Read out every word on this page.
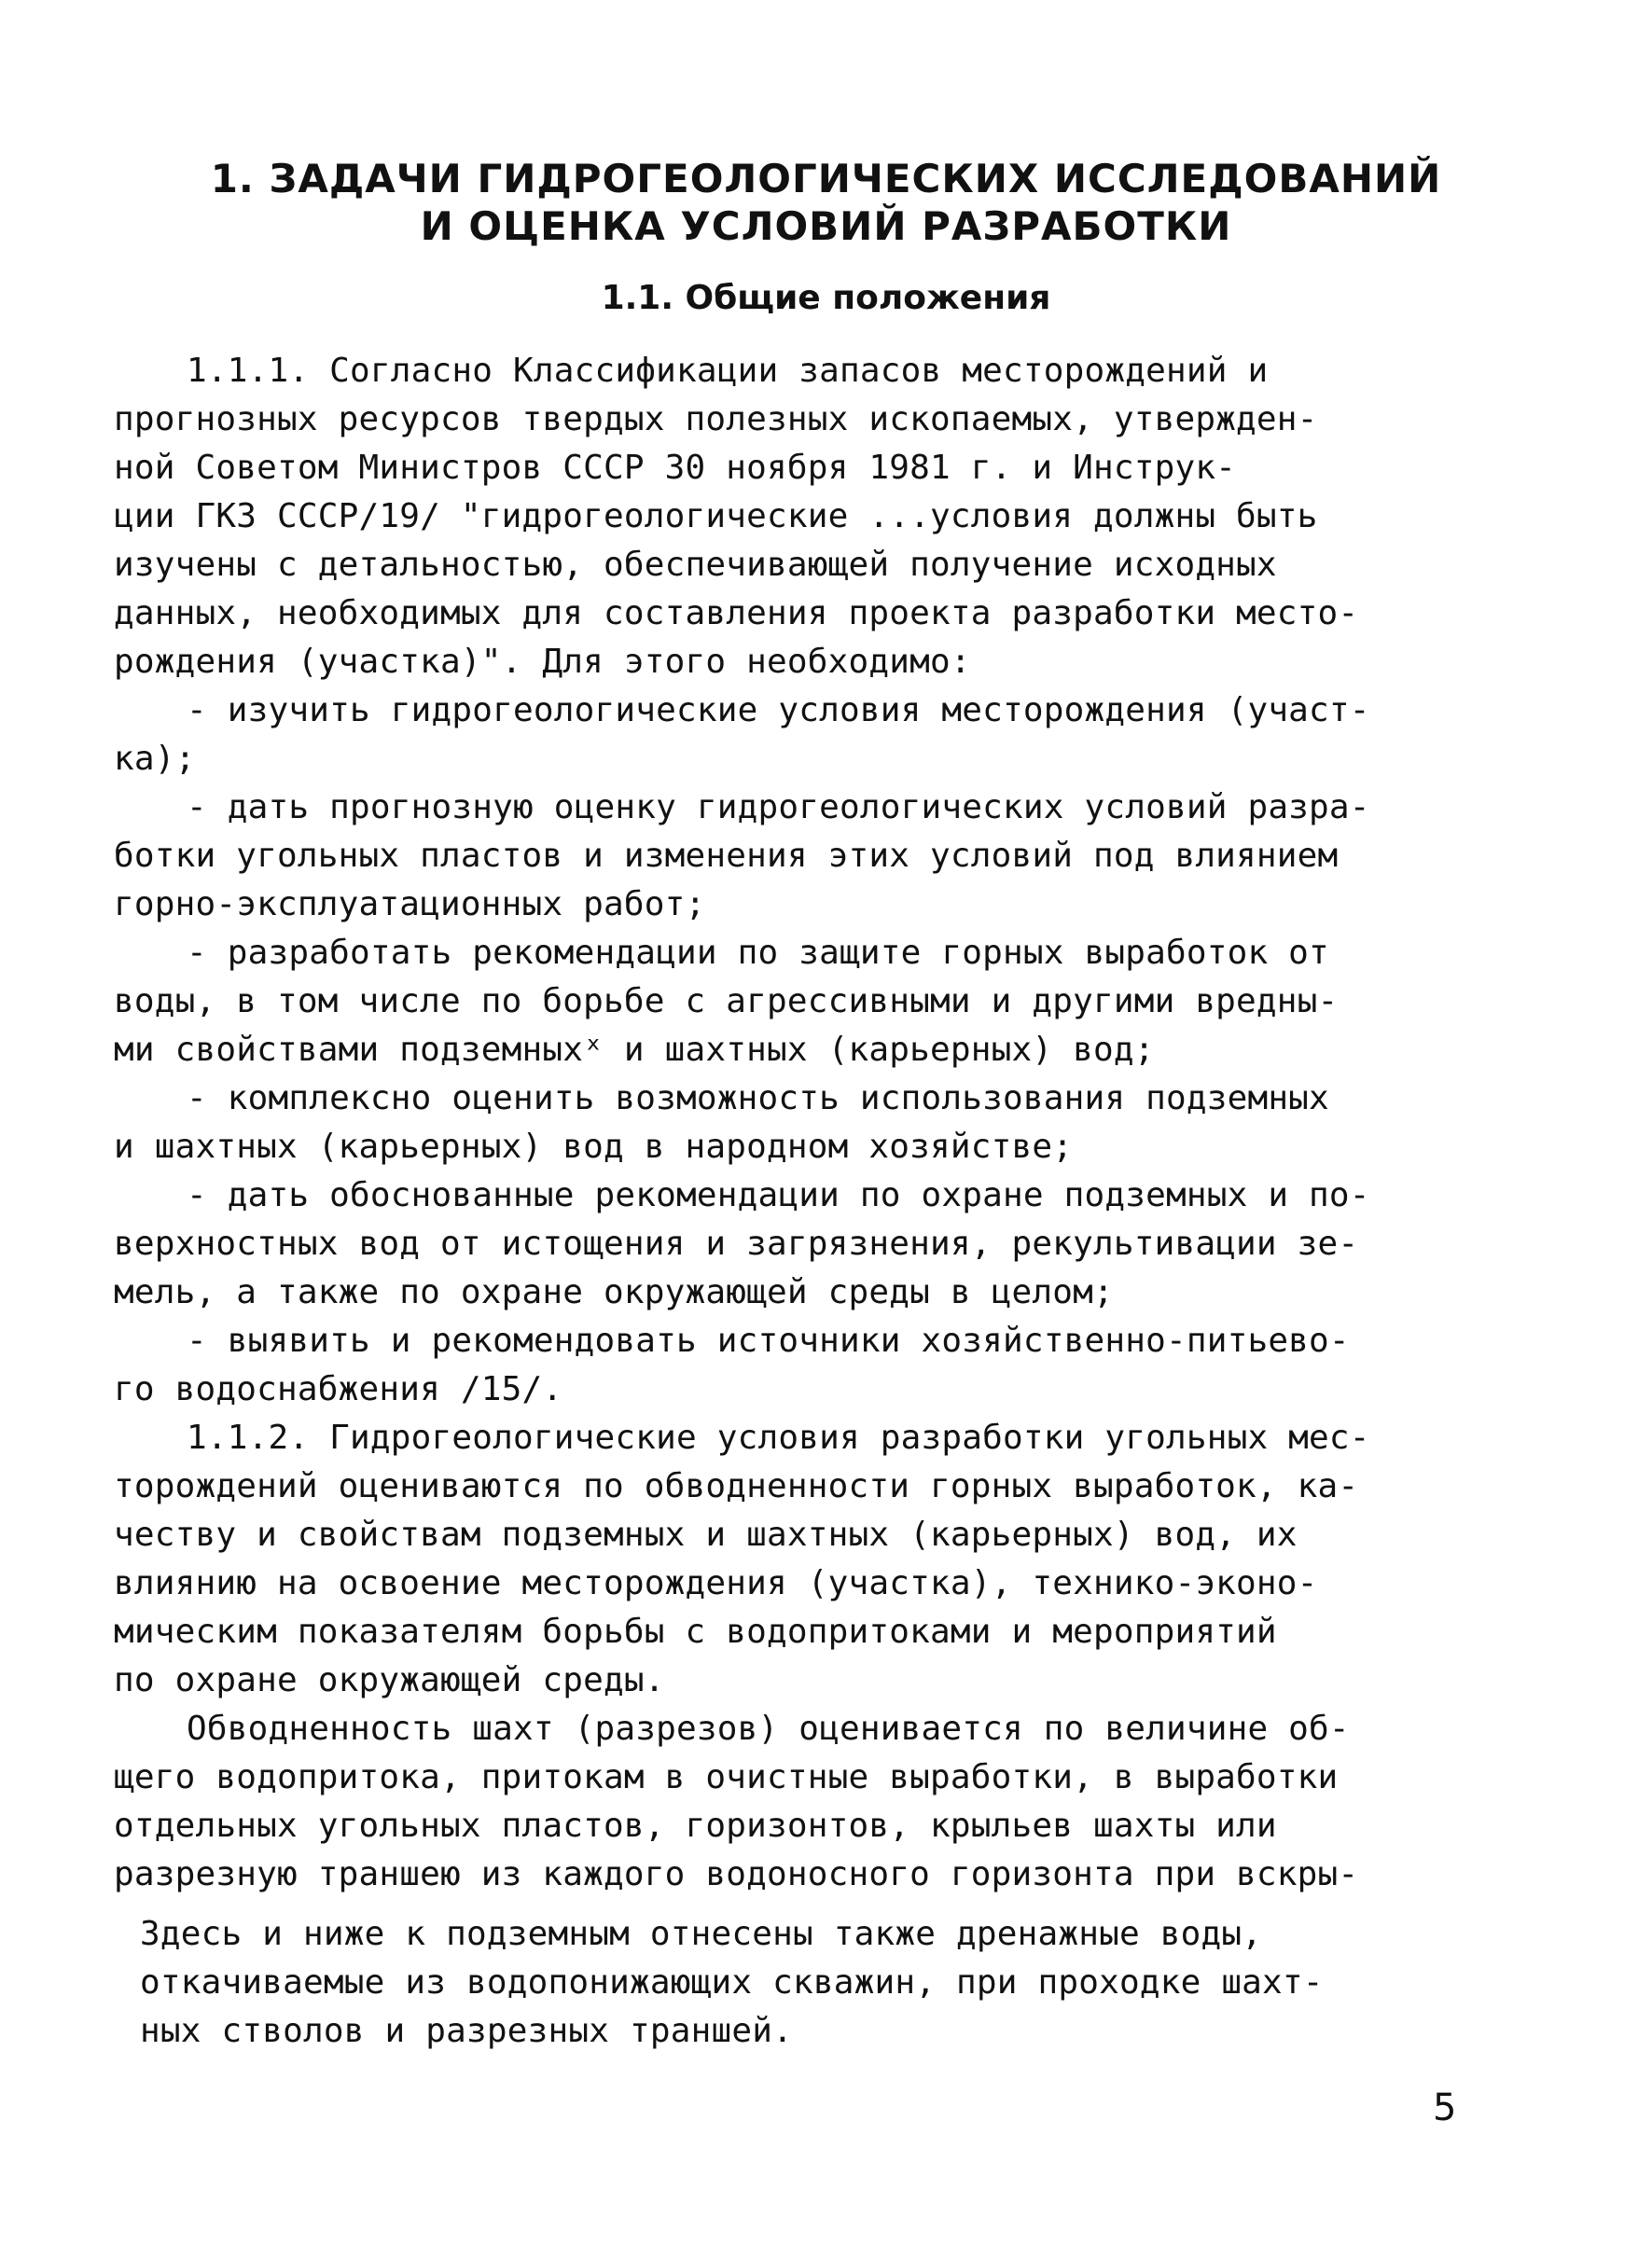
1. ЗАДАЧИ ГИДРОГЕОЛОГИЧЕСКИХ ИССЛЕДОВАНИЙ
И ОЦЕНКА УСЛОВИЙ РАЗРАБОТКИ
1.1. Общие положения
1.1.1. Согласно Классификации запасов месторождений и
прогнозных ресурсов твердых полезных ископаемых, утвержден-
ной Советом Министров СССР 30 ноября 1981 г. и Инструк-
ции ГКЗ СССР/19/ "гидрогеологические ...условия должны быть
изучены с детальностью, обеспечивающей получение исходных
данных, необходимых для составления проекта разработки место-
рождения (участка)". Для этого необходимо:
- изучить гидрогеологические условия месторождения (участ-
ка);
- дать прогнозную оценку гидрогеологических условий разра-
ботки угольных пластов и изменения этих условий под влиянием
горно-эксплуатационных работ;
- разработать рекомендации по защите горных выработок от
воды, в том числе по борьбе с агрессивными и другими вредны-
ми свойствами подземныхˣ и шахтных (карьерных) вод;
- комплексно оценить возможность использования подземных
и шахтных (карьерных) вод в народном хозяйстве;
- дать обоснованные рекомендации по охране подземных и по-
верхностных вод от истощения и загрязнения, рекультивации зе-
мель, а также по охране окружающей среды в целом;
- выявить и рекомендовать источники хозяйственно-питьево-
го водоснабжения /15/.
1.1.2. Гидрогеологические условия разработки угольных мес-
торождений оцениваются по обводненности горных выработок, ка-
честву и свойствам подземных и шахтных (карьерных) вод, их
влиянию на освоение месторождения (участка), технико-эконо-
мическим показателям борьбы с водопритоками и мероприятий
по охране окружающей среды.
Обводненность шахт (разрезов) оценивается по величине об-
щего водопритока, притокам в очистные выработки, в выработки
отдельных угольных пластов, горизонтов, крыльев шахты или
разрезную траншею из каждого водоносного горизонта при вскры-
Здесь и ниже к подземным отнесены также дренажные воды,
откачиваемые из водопонижающих скважин, при проходке шахт-
ных стволов и разрезных траншей.
5
